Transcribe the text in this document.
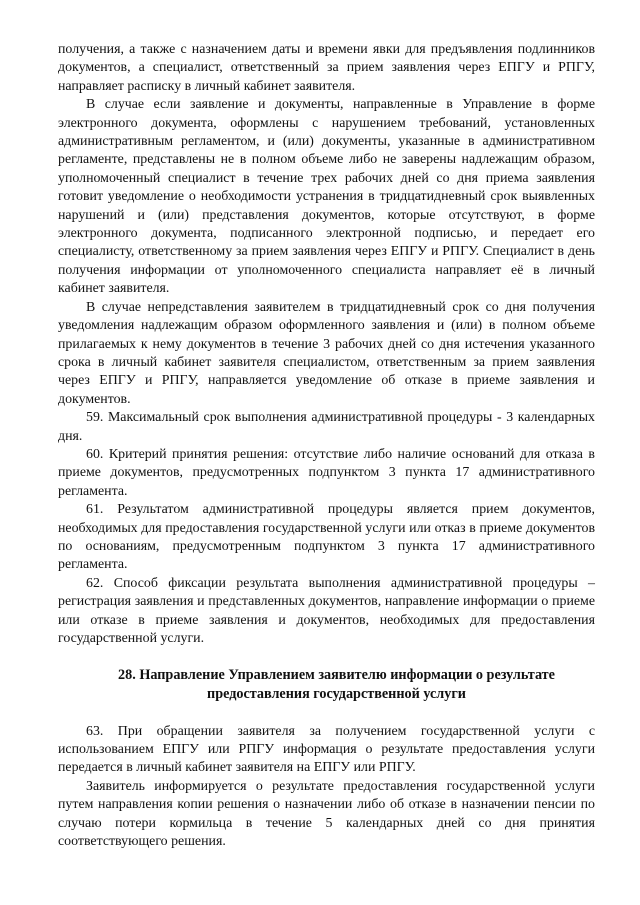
получения, а также с назначением даты и времени явки для предъявления подлинников документов, а специалист, ответственный за прием заявления через ЕПГУ и РПГУ, направляет расписку в личный кабинет заявителя.

В случае если заявление и документы, направленные в Управление в форме электронного документа, оформлены с нарушением требований, установленных административным регламентом, и (или) документы, указанные в административном регламенте, представлены не в полном объеме либо не заверены надлежащим образом, уполномоченный специалист в течение трех рабочих дней со дня приема заявления готовит уведомление о необходимости устранения в тридцатидневный срок выявленных нарушений и (или) представления документов, которые отсутствуют, в форме электронного документа, подписанного электронной подписью, и передает его специалисту, ответственному за прием заявления через ЕПГУ и РПГУ. Специалист в день получения информации от уполномоченного специалиста направляет её в личный кабинет заявителя.

В случае непредставления заявителем в тридцатидневный срок со дня получения уведомления надлежащим образом оформленного заявления и (или) в полном объеме прилагаемых к нему документов в течение 3 рабочих дней со дня истечения указанного срока в личный кабинет заявителя специалистом, ответственным за прием заявления через ЕПГУ и РПГУ, направляется уведомление об отказе в приеме заявления и документов.

59. Максимальный срок выполнения административной процедуры - 3 календарных дня.

60. Критерий принятия решения: отсутствие либо наличие оснований для отказа в приеме документов, предусмотренных подпунктом 3 пункта 17 административного регламента.

61. Результатом административной процедуры является прием документов, необходимых для предоставления государственной услуги или отказ в приеме документов по основаниям, предусмотренным подпунктом 3 пункта 17 административного регламента.

62. Способ фиксации результата выполнения административной процедуры – регистрация заявления и представленных документов, направление информации о приеме или отказе в приеме заявления и документов, необходимых для предоставления государственной услуги.

28. Направление Управлением заявителю информации о результате предоставления государственной услуги

63. При обращении заявителя за получением государственной услуги с использованием ЕПГУ или РПГУ информация о результате предоставления услуги передается в личный кабинет заявителя на ЕПГУ или РПГУ.

Заявитель информируется о результате предоставления государственной услуги путем направления копии решения о назначении либо об отказе в назначении пенсии по случаю потери кормильца в течение 5 календарных дней со дня принятия соответствующего решения.
